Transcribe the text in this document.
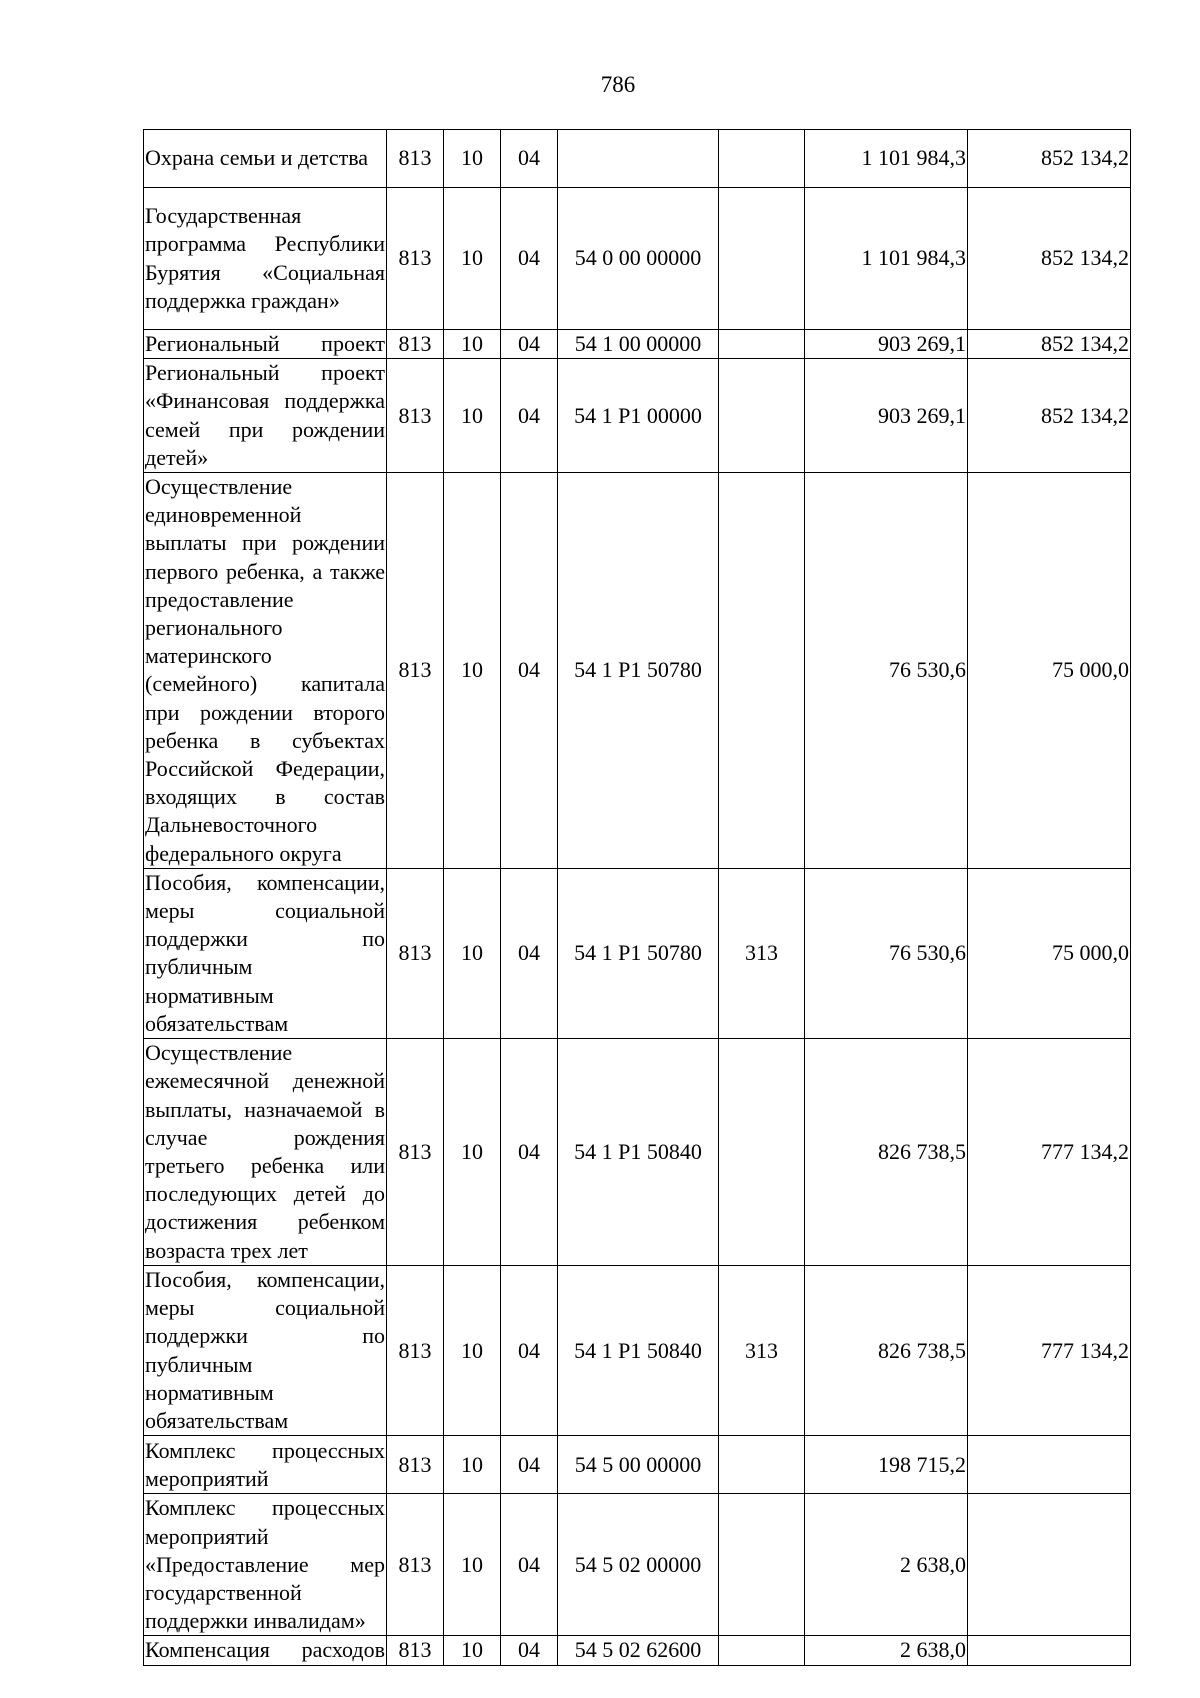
786
Охрана семьи и детства	813	10	04			1 101 984,3	852 134,2
Государственная программа Республики Бурятия «Социальная поддержка граждан»	813	10	04	54 0 00 00000		1 101 984,3	852 134,2
Региональный проект	813	10	04	54 1 00 00000		903 269,1	852 134,2
Региональный проект «Финансовая поддержка семей при рождении детей»	813	10	04	54 1 Р1 00000		903 269,1	852 134,2
Осуществление единовременной выплаты при рождении первого ребенка, а также предоставление регионального материнского (семейного) капитала при рождении второго ребенка в субъектах Российской Федерации, входящих в состав Дальневосточного федерального округа	813	10	04	54 1 Р1 50780		76 530,6	75 000,0
Пособия, компенсации, меры социальной поддержки по публичным нормативным обязательствам	813	10	04	54 1 Р1 50780	313	76 530,6	75 000,0
Осуществление ежемесячной денежной выплаты, назначаемой в случае рождения третьего ребенка или последующих детей до достижения ребенком возраста трех лет	813	10	04	54 1 Р1 50840		826 738,5	777 134,2
Пособия, компенсации, меры социальной поддержки по публичным нормативным обязательствам	813	10	04	54 1 Р1 50840	313	826 738,5	777 134,2
Комплекс процессных мероприятий	813	10	04	54 5 00 00000		198 715,2	
Комплекс процессных мероприятий «Предоставление мер государственной поддержки инвалидам»	813	10	04	54 5 02 00000		2 638,0	
Компенсация расходов	813	10	04	54 5 02 62600		2 638,0	
